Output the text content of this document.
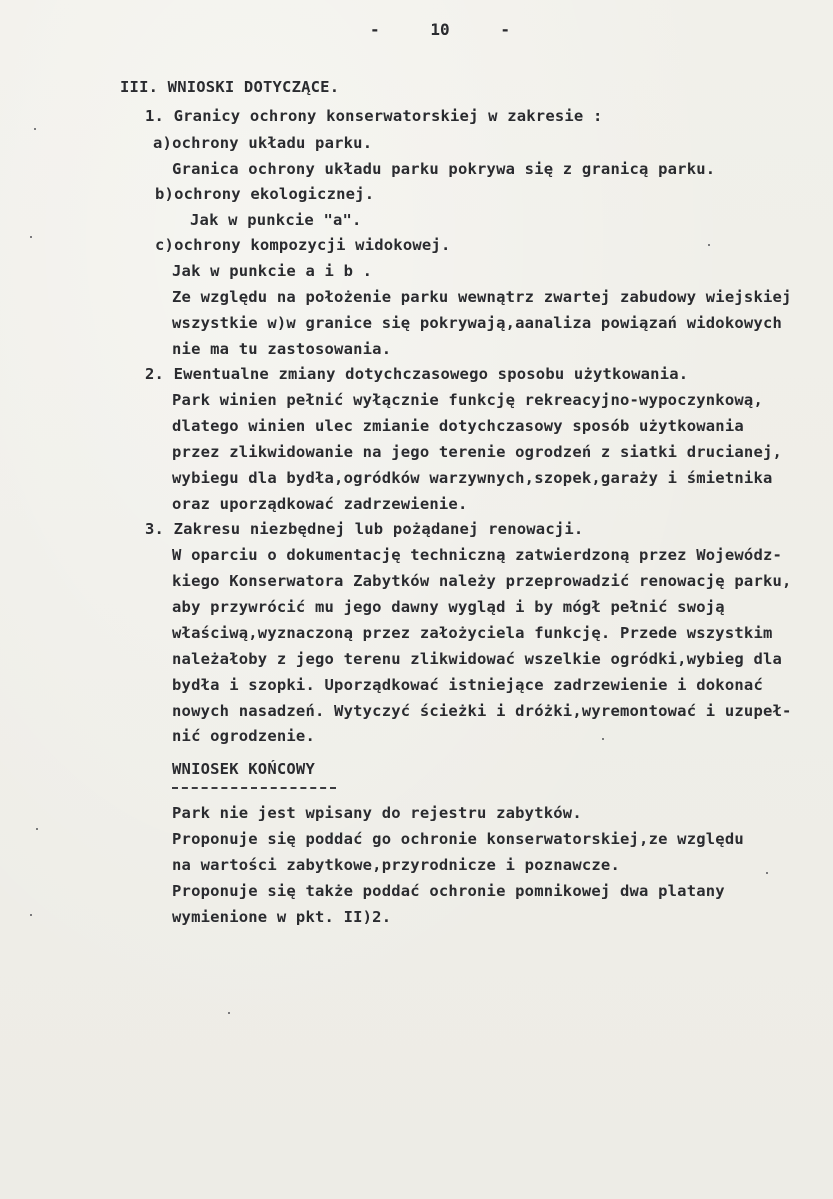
-	10	-
III. WNIOSKI DOTYCZĄCE.
1. Granicy ochrony konserwatorskiej w zakresie :
a)ochrony układu parku.
Granica ochrony układu parku pokrywa się z granicą parku.
b)ochrony ekologicznej.
Jak w punkcie "a".
c)ochrony kompozycji widokowej.
Jak w punkcie a i b .
Ze względu na położenie parku wewnątrz zwartej zabudowy wiejskiej
wszystkie w)w granice się pokrywają,aanaliza powiązań widokowych
nie ma tu zastosowania.
2. Ewentualne zmiany dotychczasowego sposobu użytkowania.
Park winien pełnić wyłącznie funkcję rekreacyjno-wypoczynkową,
dlatego winien ulec zmianie dotychczasowy sposób użytkowania
przez zlikwidowanie na jego terenie ogrodzeń z siatki drucianej,
wybiegu dla bydła,ogródków warzywnych,szopek,garaży i śmietnika
oraz uporządkować zadrzewienie.
3. Zakresu niezbędnej lub pożądanej renowacji.
W oparciu o dokumentację techniczną zatwierdzoną przez Wojewódz-
kiego Konserwatora Zabytków należy przeprowadzić renowację parku,
aby przywrócić mu jego dawny wygląd i by mógł pełnić swoją
właściwą,wyznaczoną przez założyciela funkcję. Przede wszystkim
należałoby z jego terenu zlikwidować wszelkie ogródki,wybieg dla
bydła i szopki. Uporządkować istniejące zadrzewienie i dokonać
nowych nasadzeń. Wytyczyć ścieżki i dróżki,wyremontować i uzupeł-
nić ogrodzenie.
WNIOSEK KOŃCOWY
Park nie jest wpisany do rejestru zabytków.
Proponuje się poddać go ochronie konserwatorskiej,ze względu
na wartości zabytkowe,przyrodnicze i poznawcze.
Proponuje się także poddać ochronie pomnikowej dwa platany
wymienione w pkt. II)2.
